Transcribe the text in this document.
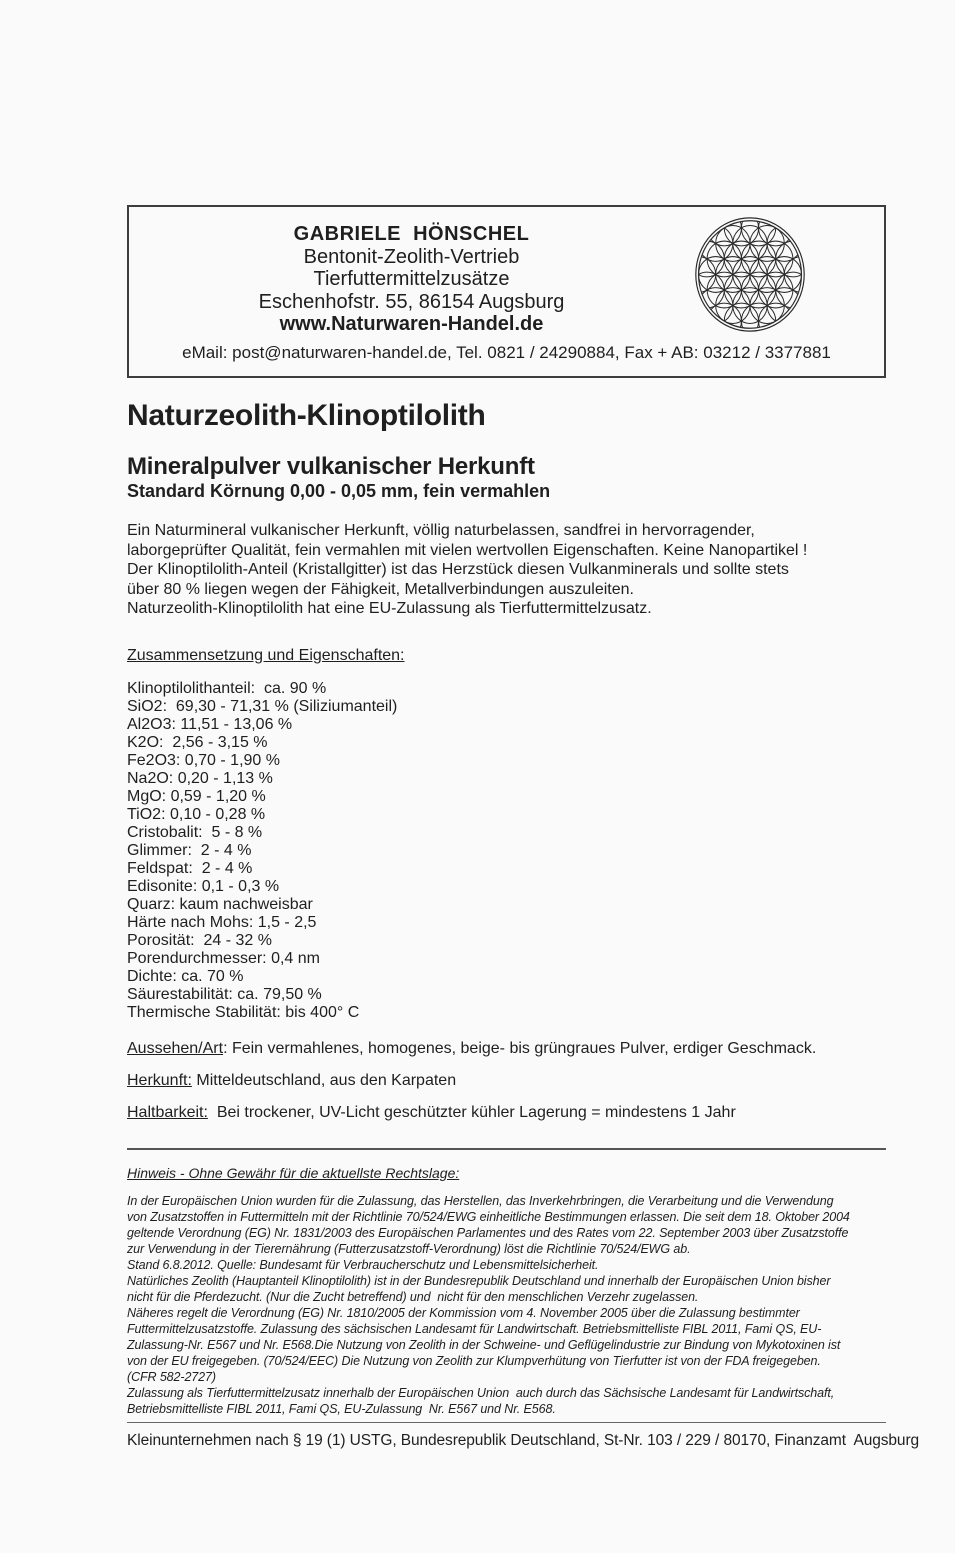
GABRIELE  HÖNSCHEL
Bentonit-Zeolith-Vertrieb
Tierfuttermittelzusätze
Eschenhofstr. 55, 86154 Augsburg
www.Naturwaren-Handel.de
eMail: post@naturwaren-handel.de, Tel. 0821 / 24290884, Fax + AB: 03212 / 3377881
Naturzeolith-Klinoptilolith
Mineralpulver vulkanischer Herkunft
Standard Körnung 0,00 - 0,05 mm, fein vermahlen
Ein Naturmineral vulkanischer Herkunft, völlig naturbelassen, sandfrei in hervorragender,
laborgeprüfter Qualität, fein vermahlen mit vielen wertvollen Eigenschaften. Keine Nanopartikel !
Der Klinoptilolith-Anteil (Kristallgitter) ist das Herzstück diesen Vulkanminerals und sollte stets
über 80 % liegen wegen der Fähigkeit, Metallverbindungen auszuleiten.
Naturzeolith-Klinoptilolith hat eine EU-Zulassung als Tierfuttermittelzusatz.
Zusammensetzung und Eigenschaften:
Klinoptilolithanteil:  ca. 90 %
SiO2:  69,30 - 71,31 % (Siliziumanteil)
Al2O3: 11,51 - 13,06 %
K2O:  2,56 - 3,15 %
Fe2O3: 0,70 - 1,90 %
Na2O: 0,20 - 1,13 %
MgO: 0,59 - 1,20 %
TiO2: 0,10 - 0,28 %
Cristobalit:  5 - 8 %
Glimmer:  2 - 4 %
Feldspat:  2 - 4 %
Edisonite: 0,1 - 0,3 %
Quarz: kaum nachweisbar
Härte nach Mohs: 1,5 - 2,5
Porosität:  24 - 32 %
Porendurchmesser: 0,4 nm
Dichte: ca. 70 %
Säurestabilität: ca. 79,50 %
Thermische Stabilität: bis 400° C
Aussehen/Art: Fein vermahlenes, homogenes, beige- bis grüngraues Pulver, erdiger Geschmack.
Herkunft: Mitteldeutschland, aus den Karpaten
Haltbarkeit:  Bei trockener, UV-Licht geschützter kühler Lagerung = mindestens 1 Jahr
Hinweis - Ohne Gewähr für die aktuellste Rechtslage:
In der Europäischen Union wurden für die Zulassung, das Herstellen, das Inverkehrbringen, die Verarbeitung und die Verwendung
von Zusatzstoffen in Futtermitteln mit der Richtlinie 70/524/EWG einheitliche Bestimmungen erlassen. Die seit dem 18. Oktober 2004
geltende Verordnung (EG) Nr. 1831/2003 des Europäischen Parlamentes und des Rates vom 22. September 2003 über Zusatzstoffe
zur Verwendung in der Tierernährung (Futterzusatzstoff-Verordnung) löst die Richtlinie 70/524/EWG ab.
Stand 6.8.2012. Quelle: Bundesamt für Verbraucherschutz und Lebensmittelsicherheit.
Natürliches Zeolith (Hauptanteil Klinoptilolith) ist in der Bundesrepublik Deutschland und innerhalb der Europäischen Union bisher
nicht für die Pferdezucht. (Nur die Zucht betreffend) und  nicht für den menschlichen Verzehr zugelassen.
Näheres regelt die Verordnung (EG) Nr. 1810/2005 der Kommission vom 4. November 2005 über die Zulassung bestimmter
Futtermittelzusatzstoffe. Zulassung des sächsischen Landesamt für Landwirtschaft. Betriebsmittelliste FIBL 2011, Fami QS, EU-
Zulassung-Nr. E567 und Nr. E568.Die Nutzung von Zeolith in der Schweine- und Geflügelindustrie zur Bindung von Mykotoxinen ist
von der EU freigegeben. (70/524/EEC) Die Nutzung von Zeolith zur Klumpverhütung von Tierfutter ist von der FDA freigegeben.
(CFR 582-2727)
Zulassung als Tierfuttermittelzusatz innerhalb der Europäischen Union  auch durch das Sächsische Landesamt für Landwirtschaft,
Betriebsmittelliste FIBL 2011, Fami QS, EU-Zulassung  Nr. E567 und Nr. E568.
Kleinunternehmen nach § 19 (1) USTG, Bundesrepublik Deutschland, St-Nr. 103 / 229 / 80170, Finanzamt  Augsburg
